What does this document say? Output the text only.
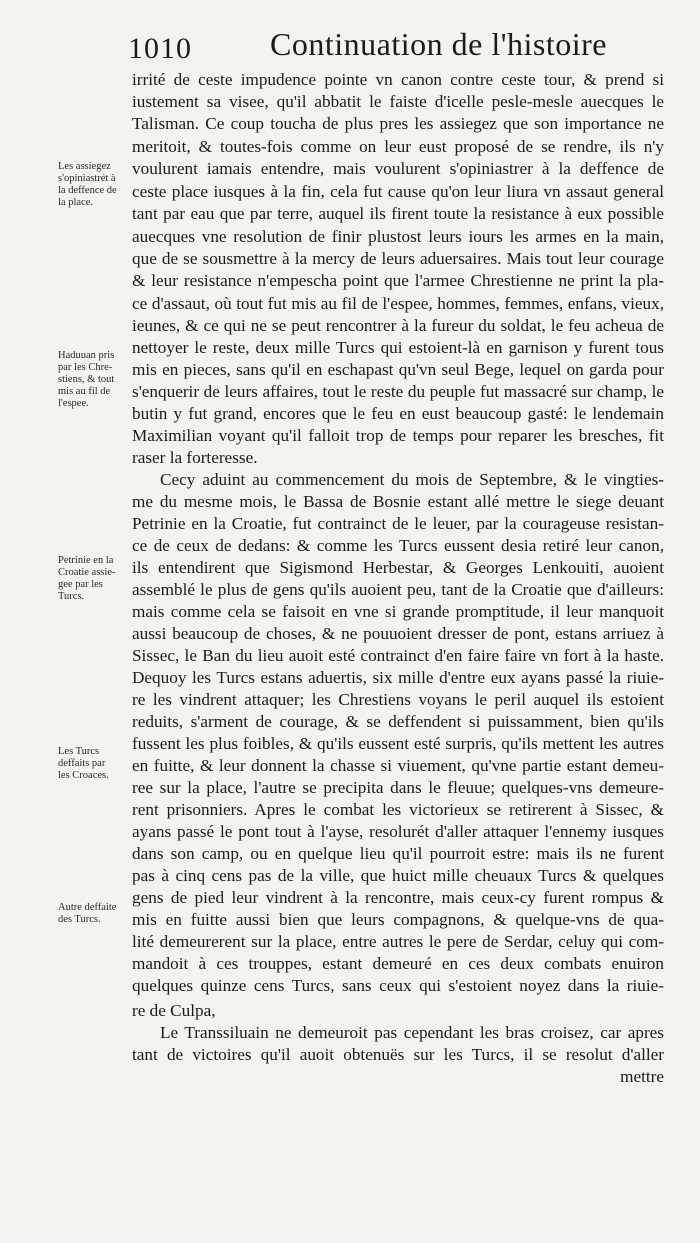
1010 Continuation de l'histoire
irrité de ceste impudence pointe vn canon contre ceste tour, & prend si
iustement sa visee, qu'il abbatit le faiste d'icelle pesle-mesle auecques le
Talisman. Ce coup toucha de plus pres les assiegez que son importance ne
meritoit, & toutes-fois comme on leur eust proposé de se rendre, ils n'y
voulurent iamais entendre, mais voulurent s'opiniastrer à la deffence de
ceste place iusques à la fin, cela fut cause qu'on leur liura vn assaut general
tant par eau que par terre, auquel ils firent toute la resistance à eux possible
auecques vne resolution de finir plustost leurs iours les armes en la main,
que de se sousmettre à la mercy de leurs aduersaires. Mais tout leur courage
& leur resistance n'empescha point que l'armee Chrestienne ne print la pla-
ce d'assaut, où tout fut mis au fil de l'espee, hommes, femmes, enfans, vieux,
ieunes, & ce qui ne se peut rencontrer à la fureur du soldat, le feu acheua de
nettoyer le reste, deux mille Turcs qui estoient-là en garnison y furent tous
mis en pieces, sans qu'il en eschapast qu'vn seul Bege, lequel on garda pour
s'enquerir de leurs affaires, tout le reste du peuple fut massacré sur champ, le
butin y fut grand, encores que le feu en eust beaucoup gasté: le lendemain
Maximilian voyant qu'il falloit trop de temps pour reparer les bresches, fit
raser la forteresse.
Cecy aduint au commencement du mois de Septembre, & le vingties-
me du mesme mois, le Bassa de Bosnie estant allé mettre le siege deuant
Petrinie en la Croatie, fut contrainct de le leuer, par la courageuse resistan-
ce de ceux de dedans: & comme les Turcs eussent desia retiré leur canon,
ils entendirent que Sigismond Herbestar, & Georges Lenkouiti, auoient
assemblé le plus de gens qu'ils auoient peu, tant de la Croatie que d'ailleurs:
mais comme cela se faisoit en vne si grande promptitude, il leur manquoit
aussi beaucoup de choses, & ne pouuoient dresser de pont, estans arriuez à
Sissec, le Ban du lieu auoit esté contrainct d'en faire faire vn fort à la haste.
Dequoy les Turcs estans aduertis, six mille d'entre eux ayans passé la riuie-
re les vindrent attaquer; les Chrestiens voyans le peril auquel ils estoient
reduits, s'arment de courage, & se deffendent si puissamment, bien qu'ils
fussent les plus foibles, & qu'ils eussent esté surpris, qu'ils mettent les autres
en fuitte, & leur donnent la chasse si viuement, qu'vne partie estant demeu-
ree sur la place, l'autre se precipita dans le fleuue; quelques-vns demeure-
rent prisonniers. Apres le combat les victorieux se retirerent à Sissec, &
ayans passé le pont tout à l'ayse, resolurét d'aller attaquer l'ennemy iusques
dans son camp, ou en quelque lieu qu'il pourroit estre: mais ils ne furent
pas à cinq cens pas de la ville, que huict mille cheuaux Turcs & quelques
gens de pied leur vindrent à la rencontre, mais ceux-cy furent rompus &
mis en fuitte aussi bien que leurs compagnons, & quelque-vns de qua-
lité demeurerent sur la place, entre autres le pere de Serdar, celuy qui com-
mandoit à ces trouppes, estant demeuré en ces deux combats enuiron
quelques quinze cens Turcs, sans ceux qui s'estoient noyez dans la riuie-
re de Culpa,
Le Transsiluain ne demeuroit pas cependant les bras croisez, car apres
tant de victoires qu'il auoit obtenuës sur les Turcs, il se resolut d'aller
mettre
Les assiegez
s'opiniastrét à
la deffence de
la place.
Haduuan pris
par les Chre-
stiens, & tout
mis au fil de
l'espee.
Petrinie en la
Croatie assie-
gee par les
Turcs.
Les Turcs
deffaits par
les Croaces.
Autre deffaite
des Turcs.
